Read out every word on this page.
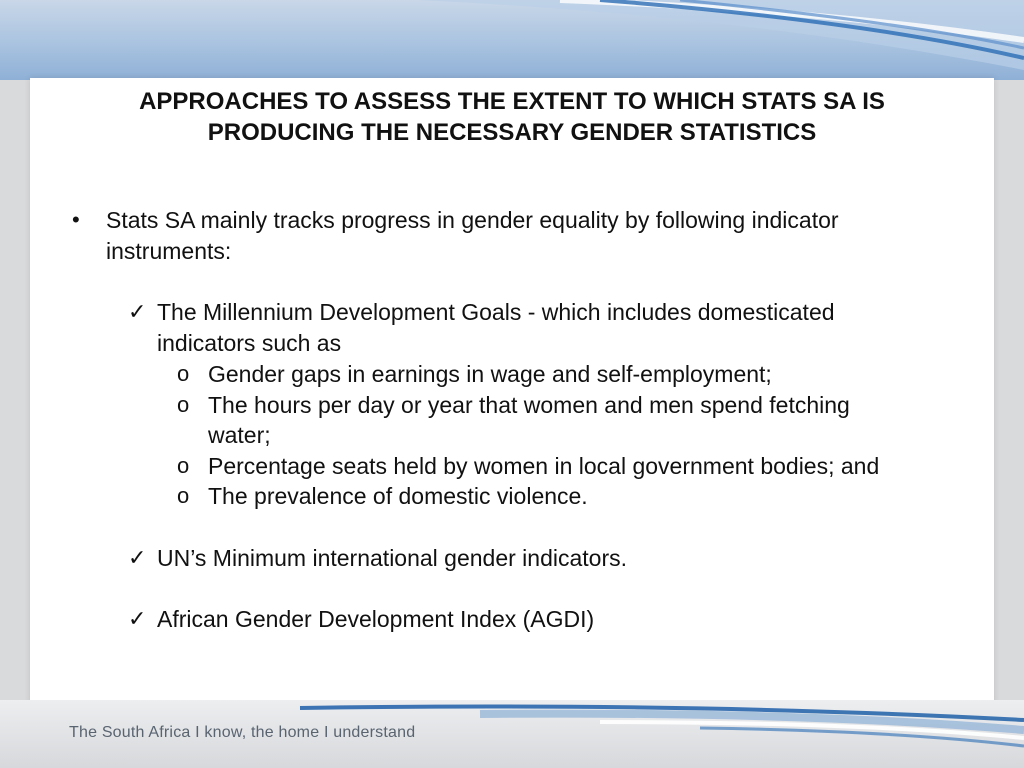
The South Africa I know, the home I understand
APPROACHES TO ASSESS THE EXTENT TO WHICH STATS SA IS
PRODUCING THE NECESSARY GENDER STATISTICS
• Stats SA mainly tracks progress in gender equality by following indicator
instruments:
✓ The Millennium Development Goals - which includes domesticated
indicators such as
o Gender gaps in earnings in wage and self-employment;
o The hours per day or year that women and men spend fetching
water;
o Percentage seats held by women in local government bodies; and
o The prevalence of domestic violence.
✓ UN’s Minimum international gender indicators.
✓ African Gender Development Index (AGDI)
